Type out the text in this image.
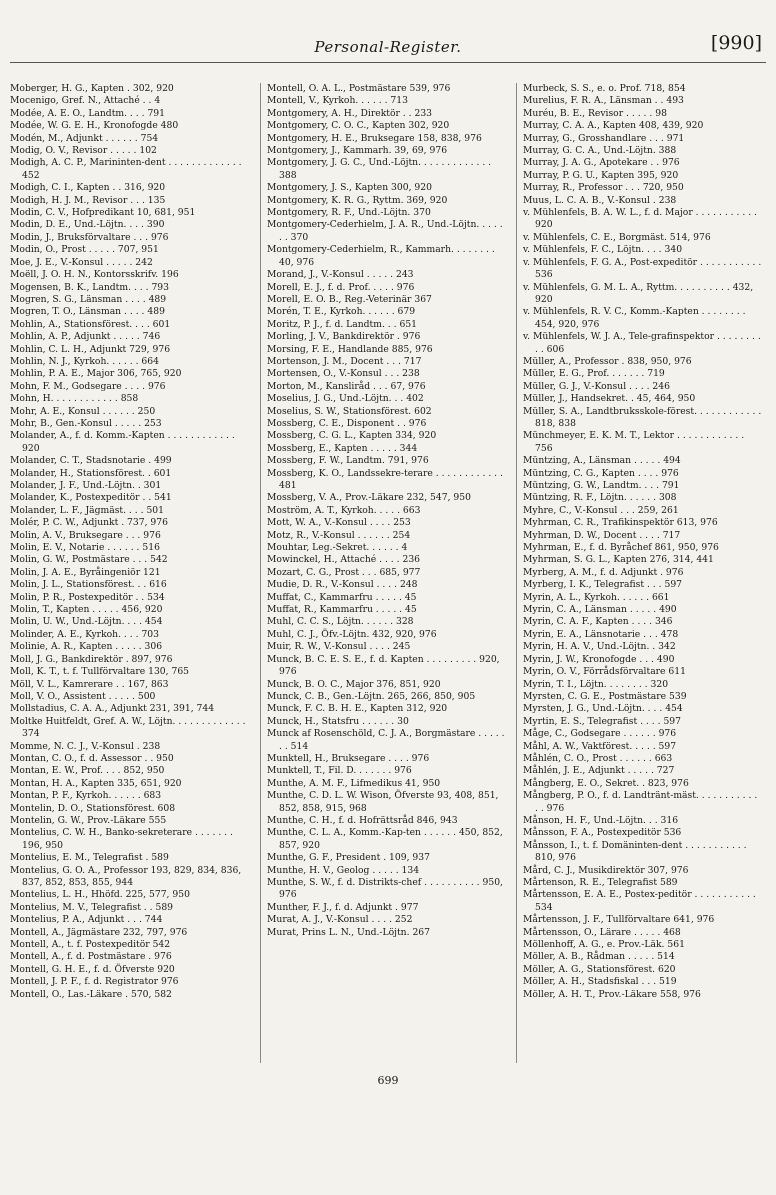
Personal-Register.	[990]
Moberger, H. G., Kapten . 302, 920
Mocenigo, Gref. N., Attaché . . 4
Modée, A. E. O., Landtm. . . . 791
Modée, W. G. E. H., Kronofogde 480
Modén, M., Adjunkt . . . . . . 754
Modig, O. V., Revisor . . . . . 102
Modigh, A. C. P., Marininten-dent . . . . . . . . . . . . . 452
Modigh, C. I., Kapten . . 316, 920
Modigh, H. J. M., Revisor . . . 135
Modin, C. V., Hofpredikant 10, 681, 951
Modin, D. E., Und.-Löjtn. . . . 390
Modin, J., Bruksförvaltare . . . 976
Modin, O., Prost . . . . . 707, 951
Moe, J. E., V.-Konsul . . . . . 242
Moëll, J. O. H. N., Kontorsskrifv. 196
Mogensen, B. K., Landtm. . . . 793
Mogren, S. G., Länsman . . . . 489
Mogren, T. O., Länsman . . . . 489
Mohlin, A., Stationsförest. . . . 601
Mohlin, A. P., Adjunkt . . . . . 746
Mohlin, C. L. H., Adjunkt 729, 976
Mohlin, N. J., Kyrkoh. . . . . . 664
Mohlin, P. A. E., Major 306, 765, 920
Mohn, F. M., Godsegare . . . . 976
Mohn, H. . . . . . . . . . . . 858
Mohr, A. E., Konsul . . . . . . 250
Mohr, B., Gen.-Konsul . . . . . 253
Molander, A., f. d. Komm.-Kapten . . . . . . . . . . . . 920
Molander, C. T., Stadsnotarie . 499
Molander, H., Stationsförest. . 601
Molander, J. F., Und.-Löjtn. . 301
Molander, K., Postexpeditör . . 541
Molander, L. F., Jägmäst. . . . 501
Molér, P. C. W., Adjunkt . 737, 976
Molin, A. V., Bruksegare . . . 976
Molin, E. V., Notarie . . . . . . 516
Molin, G. W., Postmästare . . . 542
Molin, J. A. E., Byråingeniör 121
Molin, J. L., Stationsförest. . . 616
Molin, P. R., Postexpeditör . . 534
Molin, T., Kapten . . . . . 456, 920
Molin, U. W., Und.-Löjtn. . . . 454
Molinder, A. E., Kyrkoh. . . . 703
Molinie, A. R., Kapten . . . . . 306
Moll, J. G., Bankdirektör . 897, 976
Moll, K. T., t. f. Tullförvaltare 130, 765
Möll, V. L., Kamrerare . . 167, 863
Moll, V. O., Assistent . . . . . 500
Mollstadius, C. A. A., Adjunkt 231, 391, 744
Moltke Huitfeldt, Gref. A. W., Löjtn. . . . . . . . . . . . . 374
Momme, N. C. J., V.-Konsul . 238
Montan, C. O., f. d. Assessor . . 950
Montan, E. W., Prof. . . . 852, 950
Montan, H. A., Kapten 335, 651, 920
Montan, P. F., Kyrkoh. . . . . . 683
Montelin, D. O., Stationsförest. 608
Montelin, G. W., Prov.-Läkare 555
Montelius, C. W. H., Banko-sekreterare . . . . . . . 196, 950
Montelius, E. M., Telegrafist . 589
Montelius, G. O. A., Professor 193, 829, 834, 836, 837, 852, 853, 855, 944
Montelius, L. H., Hhöfd. 225, 577, 950
Montelius, M. V., Telegrafist . . 589
Montelius, P. A., Adjunkt . . . 744
Montell, A., Jägmästare 232, 797, 976
Montell, A., t. f. Postexpeditör 542
Montell, A., f. d. Postmästare . 976
Montell, G. H. E., f. d. Öfverste 920
Montell, J. P. F., f. d. Registrator 976
Montell, O., Las.-Läkare . 570, 582
Montell, O. A. L., Postmästare 539, 976
Montell, V., Kyrkoh. . . . . . 713
Montgomery, A. H., Direktör . . 233
Montgomery, C. O. C., Kapten 302, 920
Montgomery, H. E., Bruksegare 158, 838, 976
Montgomery, J., Kammarh. 39, 69, 976
Montgomery, J. G. C., Und.-Löjtn. . . . . . . . . . . . . 388
Montgomery, J. S., Kapten 300, 920
Montgomery, K. R. G., Ryttm. 369, 920
Montgomery, R. F., Und.-Löjtn. 370
Montgomery-Cederhielm, J. A. R., Und.-Löjtn. . . . . . . 370
Montgomery-Cederhielm, R., Kammarh. . . . . . . . 40, 976
Morand, J., V.-Konsul . . . . . 243
Morell, E. J., f. d. Prof. . . . . 976
Morell, E. O. B., Reg.-Veterinär 367
Morén, T. E., Kyrkoh. . . . . . 679
Moritz, P. J., f. d. Landtm. . . 651
Morling, J. V., Bankdirektör . 976
Morsing, F. E., Handlande 885, 976
Mortenson, J. M., Docent . . . 717
Mortensen, O., V.-Konsul . . . 238
Morton, M., Kansliråd . . . 67, 976
Moselius, J. G., Und.-Löjtn. . . 402
Moselius, S. W., Stationsförest. 602
Mossberg, C. E., Disponent . . 976
Mossberg, C. G. L., Kapten 334, 920
Mossberg, E., Kapten . . . . . 344
Mossberg, F. W., Landtm. 791, 976
Mossberg, K. O., Landssekre-terare . . . . . . . . . . . . 481
Mossberg, V. A., Prov.-Läkare 232, 547, 950
Moström, A. T., Kyrkoh. . . . . 663
Mott, W. A., V.-Konsul . . . . 253
Motz, R., V.-Konsul . . . . . . 254
Mouhtar, Leg.-Sekret. . . . . . 4
Mowinckel, H., Attaché . . . . 236
Mozart, C. G., Prost . . . 685, 977
Mudie, D. R., V.-Konsul . . . . 248
Muffat, C., Kammarfru . . . . . 45
Muffat, R., Kammarfru . . . . . 45
Muhl, C. C. S., Löjtn. . . . . . 328
Muhl, C. J., Öfv.-Löjtn. 432, 920, 976
Muir, R. W., V.-Konsul . . . . 245
Munck, B. C. E. S. E., f. d. Kapten . . . . . . . . . 920, 976
Munck, B. O. C., Major 376, 851, 920
Munck, C. B., Gen.-Löjtn. 265, 266, 850, 905
Munck, F. C. B. H. E., Kapten 312, 920
Munck, H., Statsfru . . . . . . 30
Munck af Rosenschöld, C. J. A., Borgmästare . . . . . . . 514
Munktell, H., Bruksegare . . . . 976
Munktell, T., Fil. D. . . . . . . 976
Munthe, A. M. F., Lifmedikus 41, 950
Munthe, C. D. L. W. Wison, Öfverste 93, 408, 851, 852, 858, 915, 968
Munthe, C. H., f. d. Hofrättsråd 846, 943
Munthe, C. L. A., Komm.-Kap-ten . . . . . . 450, 852, 857, 920
Munthe, G. F., President . 109, 937
Munthe, H. V., Geolog . . . . . 134
Munthe, S. W., f. d. Distrikts-chef . . . . . . . . . . 950, 976
Munther, F. J., f. d. Adjunkt . 977
Murat, A. J., V.-Konsul . . . . 252
Murat, Prins L. N., Und.-Löjtn. 267
Murbeck, S. S., e. o. Prof. 718, 854
Murelius, F. R. A., Länsman . . 493
Muréu, B. E., Revisor . . . . . 98
Murray, C. A. A., Kapten 408, 439, 920
Murray, G., Grosshandlare . . . 971
Murray, G. C. A., Und.-Löjtn. 388
Murray, J. A. G., Apotekare . . 976
Murray, P. G. U., Kapten 395, 920
Murray, R., Professor . . . 720, 950
Muus, L. C. A. B., V.-Konsul . 238
v. Mühlenfels, B. A. W. L., f. d. Major . . . . . . . . . . . 920
v. Mühlenfels, C. E., Borgmäst. 514, 976
v. Mühlenfels, F. C., Löjtn. . . . 340
v. Mühlenfels, F. G. A., Post-expeditör . . . . . . . . . . . 536
v. Mühlenfels, G. M. L. A., Ryttm. . . . . . . . . . 432, 920
v. Mühlenfels, R. V. C., Komm.-Kapten . . . . . . . . 454, 920, 976
v. Mühlenfels, W. J. A., Tele-grafinspektor . . . . . . . . . . 606
Müller, A., Professor . 838, 950, 976
Müller, E. G., Prof. . . . . . . 719
Müller, G. J., V.-Konsul . . . . 246
Müller, J., Handsekret. . 45, 464, 950
Müller, S. A., Landtbruksskole-förest. . . . . . . . . . . . 818, 838
Münchmeyer, E. K. M. T., Lektor . . . . . . . . . . . . 756
Müntzing, A., Länsman . . . . . 494
Müntzing, C. G., Kapten . . . . 976
Müntzing, G. W., Landtm. . . . 791
Müntzing, R. F., Löjtn. . . . . . 308
Myhre, C., V.-Konsul . . . 259, 261
Myhrman, C. R., Trafikinspektör 613, 976
Myhrman, D. W., Docent . . . . 717
Myhrman, E., f. d. Byråchef 861, 950, 976
Myhrman, S. G. L., Kapten 276, 314, 441
Myrberg, A. M., f. d. Adjunkt . 976
Myrberg, I. K., Telegrafist . . . 597
Myrin, A. L., Kyrkoh. . . . . . 661
Myrin, C. A., Länsman . . . . . 490
Myrin, C. A. F., Kapten . . . . 346
Myrin, E. A., Länsnotarie . . . 478
Myrin, H. A. V., Und.-Löjtn. . 342
Myrin, J. W., Kronofogde . . . 490
Myrin, O. V., Förrådsförvaltare 611
Myrin, T. I., Löjtn. . . . . . . . 320
Myrsten, C. G. E., Postmästare 539
Myrsten, J. G., Und.-Löjtn. . . . 454
Myrtin, E. S., Telegrafist . . . . 597
Måge, C., Godsegare . . . . . . 976
Måhl, A. W., Vaktförest. . . . . 597
Måhlén, C. O., Prost . . . . . . 663
Måhlén, J. E., Adjunkt . . . . . 727
Mångberg, E. O., Sekret. . 823, 976
Mångberg, P. O., f. d. Landtränt-mäst. . . . . . . . . . . . . 976
Månson, H. F., Und.-Löjtn. . . 316
Månsson, F. A., Postexpeditör 536
Månsson, I., t. f. Domäninten-dent . . . . . . . . . . . 810, 976
Mård, C. J., Musikdirektör 307, 976
Mårtenson, R. E., Telegrafist 589
Mårtensson, E. A. E., Postex-peditör . . . . . . . . . . . 534
Mårtensson, J. F., Tullförvaltare 641, 976
Mårtensson, O., Lärare . . . . . 468
Möllenhoff, A. G., e. Prov.-Läk. 561
Möller, A. B., Rådman . . . . . 514
Möller, A. G., Stationsförest. 620
Möller, A. H., Stadsfiskal . . . 519
Möller, A. H. T., Prov.-Läkare 558, 976
699
